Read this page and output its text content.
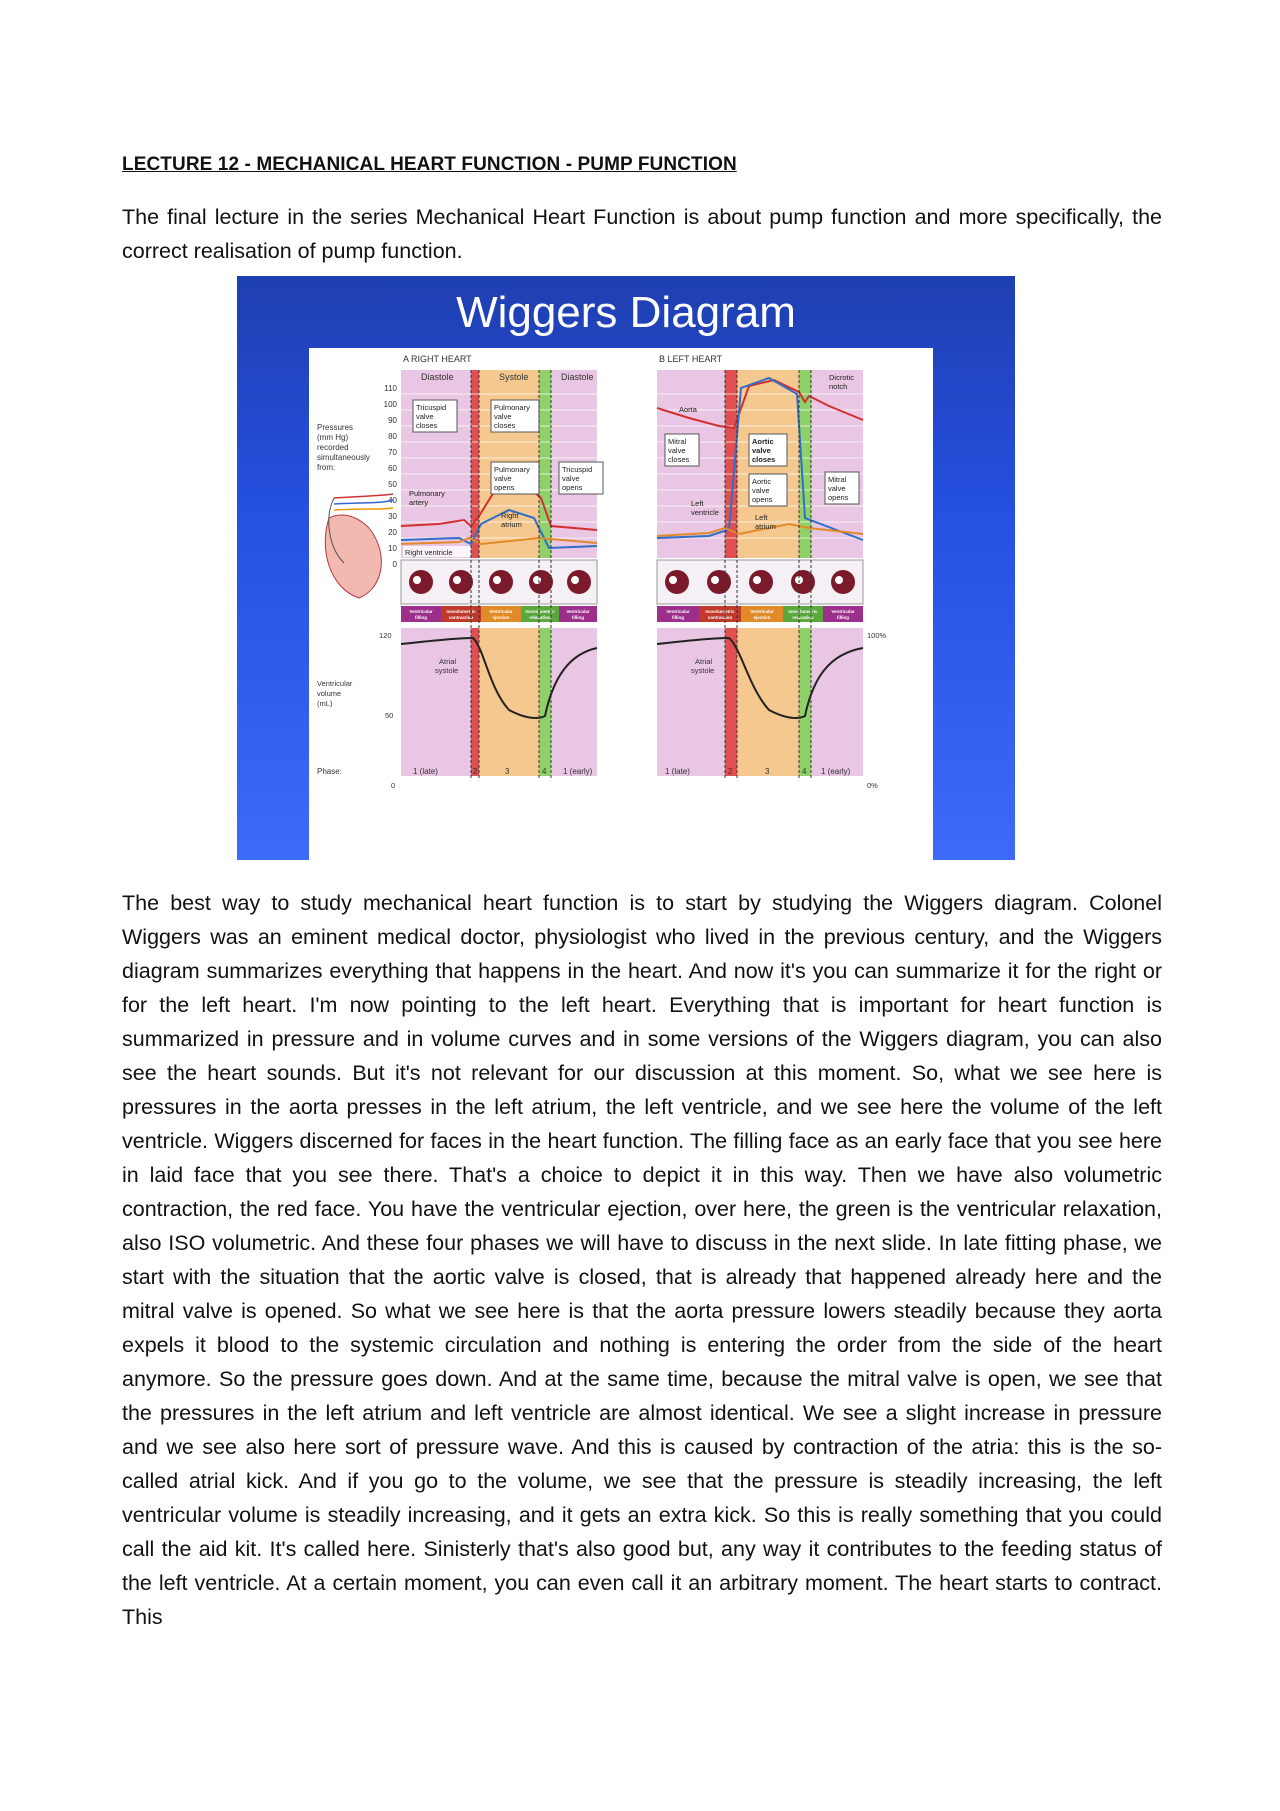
LECTURE 12 - MECHANICAL HEART FUNCTION - PUMP FUNCTION

The final lecture in the series Mechanical Heart Function is about pump function and more specifically, the correct realisation of pump function.

Wiggers Diagram
A RIGHT HEART	B LEFT HEART
Diastole	Systole	Diastole
110
100
90
80
70
60
50
40
30
20
10
0
Pressures
(mm Hg)
recorded
simultaneously
from:
Tricuspid
valve
closes
Pulmonary
valve
closes
Pulmonary
valve
opens
Tricuspid
valve
opens
Pulmonary
artery
Right
atrium
Right ventricle
Dicrotic
notch
Aorta
Mitral
valve
closes
Aortic
valve
closes
Aortic
valve
opens
Mitral
valve
opens
Left
ventricle
Left
atrium
Ventricular
filling
Isovolumetric
contraction
Ventricular
ejection
Isovolumetric
relaxation
Ventricular
filling
Ventricular
filling
Isovolumetric
contraction
Ventricular
ejection
Isovolumetric
relaxation
Ventricular
filling
Atrial
systole
Atrial
systole
120
50
0
100%
0%
Ventricular
volume
(mL)
Phase:	1 (late)	2	3	4 1 (early)	1 (late)	2	3	4 1 (early)

The best way to study mechanical heart function is to start by studying the Wiggers diagram. Colonel Wiggers was an eminent medical doctor, physiologist who lived in the previous century, and the Wiggers diagram summarizes everything that happens in the heart. And now it's you can summarize it for the right or for the left heart. I'm now pointing to the left heart. Everything that is important for heart function is summarized in pressure and in volume curves and in some versions of the Wiggers diagram, you can also see the heart sounds. But it's not relevant for our discussion at this moment. So, what we see here is pressures in the aorta presses in the left atrium, the left ventricle, and we see here the volume of the left ventricle. Wiggers discerned for faces in the heart function. The filling face as an early face that you see here in laid face that you see there. That's a choice to depict it in this way. Then we have also volumetric contraction, the red face. You have the ventricular ejection, over here, the green is the ventricular relaxation, also ISO volumetric. And these four phases we will have to discuss in the next slide. In late fitting phase, we start with the situation that the aortic valve is closed, that is already that happened already here and the mitral valve is opened. So what we see here is that the aorta pressure lowers steadily because they aorta expels it blood to the systemic circulation and nothing is entering the order from the side of the heart anymore. So the pressure goes down. And at the same time, because the mitral valve is open, we see that the pressures in the left atrium and left ventricle are almost identical. We see a slight increase in pressure and we see also here sort of pressure wave. And this is caused by contraction of the atria: this is the so-called atrial kick. And if you go to the volume, we see that the pressure is steadily increasing, the left ventricular volume is steadily increasing, and it gets an extra kick. So this is really something that you could call the aid kit. It's called here. Sinisterly that's also good but, any way it contributes to the feeding status of the left ventricle. At a certain moment, you can even call it an arbitrary moment. The heart starts to contract. This
